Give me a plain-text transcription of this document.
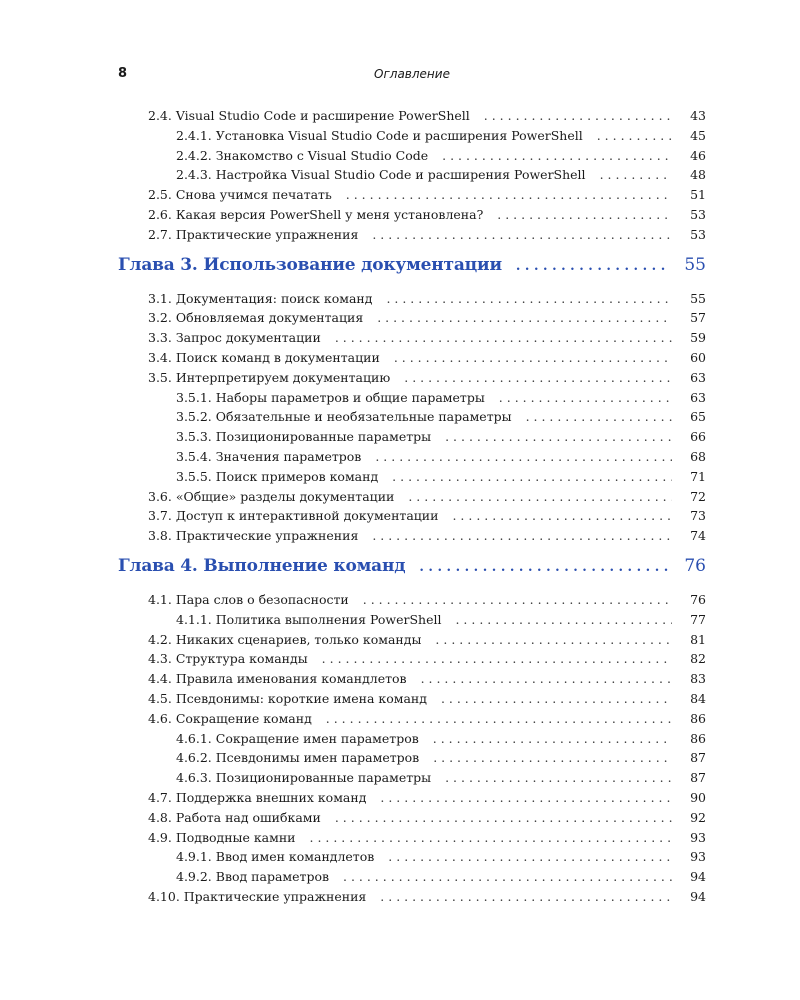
8	Оглавление
2.4. Visual Studio Code и расширение PowerShell . . .	43
2.4.1. Установка Visual Studio Code и расширения PowerShell . . .	45
2.4.2. Знакомство с Visual Studio Code . . .	46
2.4.3. Настройка Visual Studio Code и расширения PowerShell . . .	48
2.5. Снова учимся печатать . . .	51
2.6. Какая версия PowerShell у меня установлена? . . .	53
2.7. Практические упражнения . . .	53
Глава 3. Использование документации . . .	55
3.1. Документация: поиск команд . . .	55
3.2. Обновляемая документация . . .	57
3.3. Запрос документации . . .	59
3.4. Поиск команд в документации . . .	60
3.5. Интерпретируем документацию . . .	63
3.5.1. Наборы параметров и общие параметры . . .	63
3.5.2. Обязательные и необязательные параметры . . .	65
3.5.3. Позиционированные параметры . . .	66
3.5.4. Значения параметров . . .	68
3.5.5. Поиск примеров команд . . .	71
3.6. «Общие» разделы документации . . .	72
3.7. Доступ к интерактивной документации . . .	73
3.8. Практические упражнения . . .	74
Глава 4. Выполнение команд . . .	76
4.1. Пара слов о безопасности . . .	76
4.1.1. Политика выполнения PowerShell . . .	77
4.2. Никаких сценариев, только команды . . .	81
4.3. Структура команды . . .	82
4.4. Правила именования командлетов . . .	83
4.5. Псевдонимы: короткие имена команд . . .	84
4.6. Сокращение команд . . .	86
4.6.1. Сокращение имен параметров . . .	86
4.6.2. Псевдонимы имен параметров . . .	87
4.6.3. Позиционированные параметры . . .	87
4.7. Поддержка внешних команд . . .	90
4.8. Работа над ошибками . . .	92
4.9. Подводные камни . . .	93
4.9.1. Ввод имен командлетов . . .	93
4.9.2. Ввод параметров . . .	94
4.10. Практические упражнения . . .	94
